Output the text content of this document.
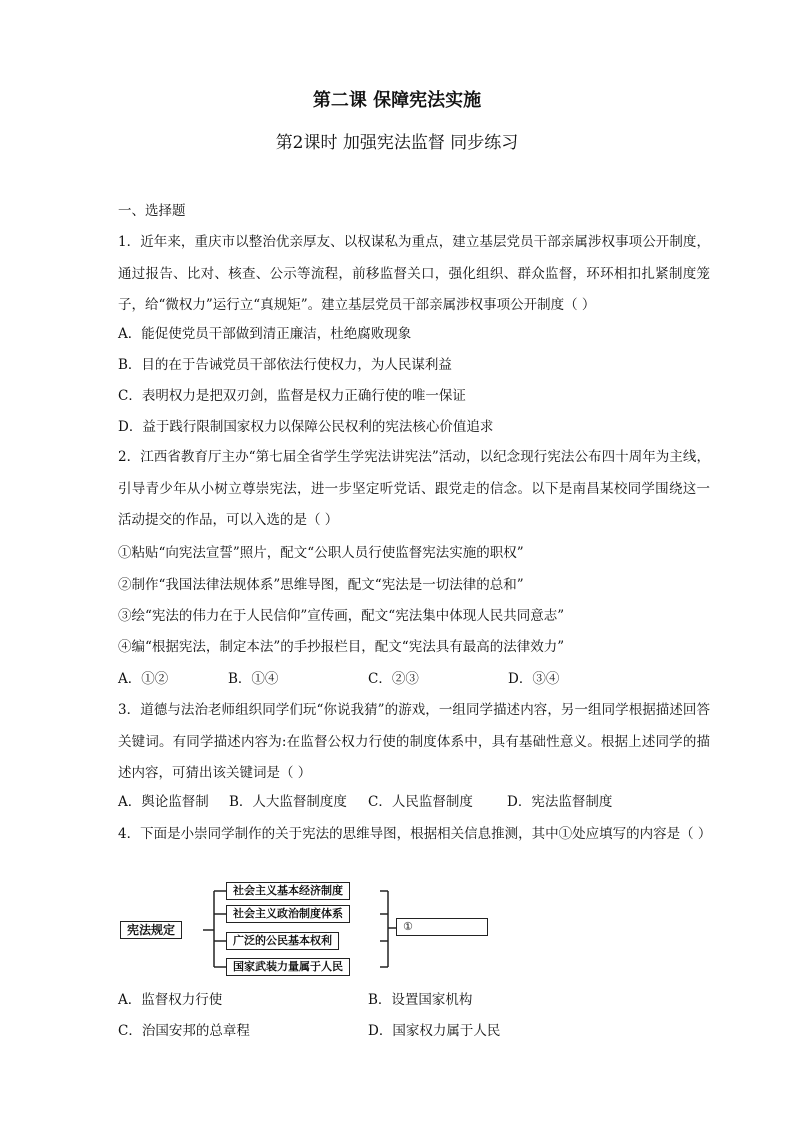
第二课 保障宪法实施
第2课时 加强宪法监督 同步练习
一、选择题
1．近年来，重庆市以整治优亲厚友、以权谋私为重点，建立基层党员干部亲属涉权事项公开制度，通过报告、比对、核查、公示等流程，前移监督关口，强化组织、群众监督，环环相扣扎紧制度笼子，给“微权力”运行立“真规矩”。建立基层党员干部亲属涉权事项公开制度（ ）
A．能促使党员干部做到清正廉洁，杜绝腐败现象
B．目的在于告诫党员干部依法行使权力，为人民谋利益
C．表明权力是把双刃剑，监督是权力正确行使的唯一保证
D．益于践行限制国家权力以保障公民权利的宪法核心价值追求
2．江西省教育厅主办“第七届全省学生学宪法讲宪法”活动，以纪念现行宪法公布四十周年为主线，引导青少年从小树立尊崇宪法，进一步坚定听党话、跟党走的信念。以下是南昌某校同学围绕这一活动提交的作品，可以入选的是（ ）
①粘贴“向宪法宣誓”照片，配文“公职人员行使监督宪法实施的职权”
②制作“我国法律法规体系”思维导图，配文“宪法是一切法律的总和”
③绘“宪法的伟力在于人民信仰”宣传画，配文“宪法集中体现人民共同意志”
④编“根据宪法，制定本法”的手抄报栏目，配文“宪法具有最高的法律效力”
A．①②	B．①④	C．②③	D．③④
3．道德与法治老师组织同学们玩“你说我猜”的游戏，一组同学描述内容，另一组同学根据描述回答关键词。有同学描述内容为:在监督公权力行使的制度体系中，具有基础性意义。根据上述同学的描述内容，可猜出该关键词是（ ）
A．舆论监督制 B．人大监督制度度 C．人民监督制度	D．宪法监督制度
4．下面是小崇同学制作的关于宪法的思维导图，根据相关信息推测，其中①处应填写的内容是（ ）
宪法规定
社会主义基本经济制度
社会主义政治制度体系
广泛的公民基本权利
国家武装力量属于人民
①
A．监督权力行使	B．设置国家机构
C．治国安邦的总章程	D．国家权力属于人民
